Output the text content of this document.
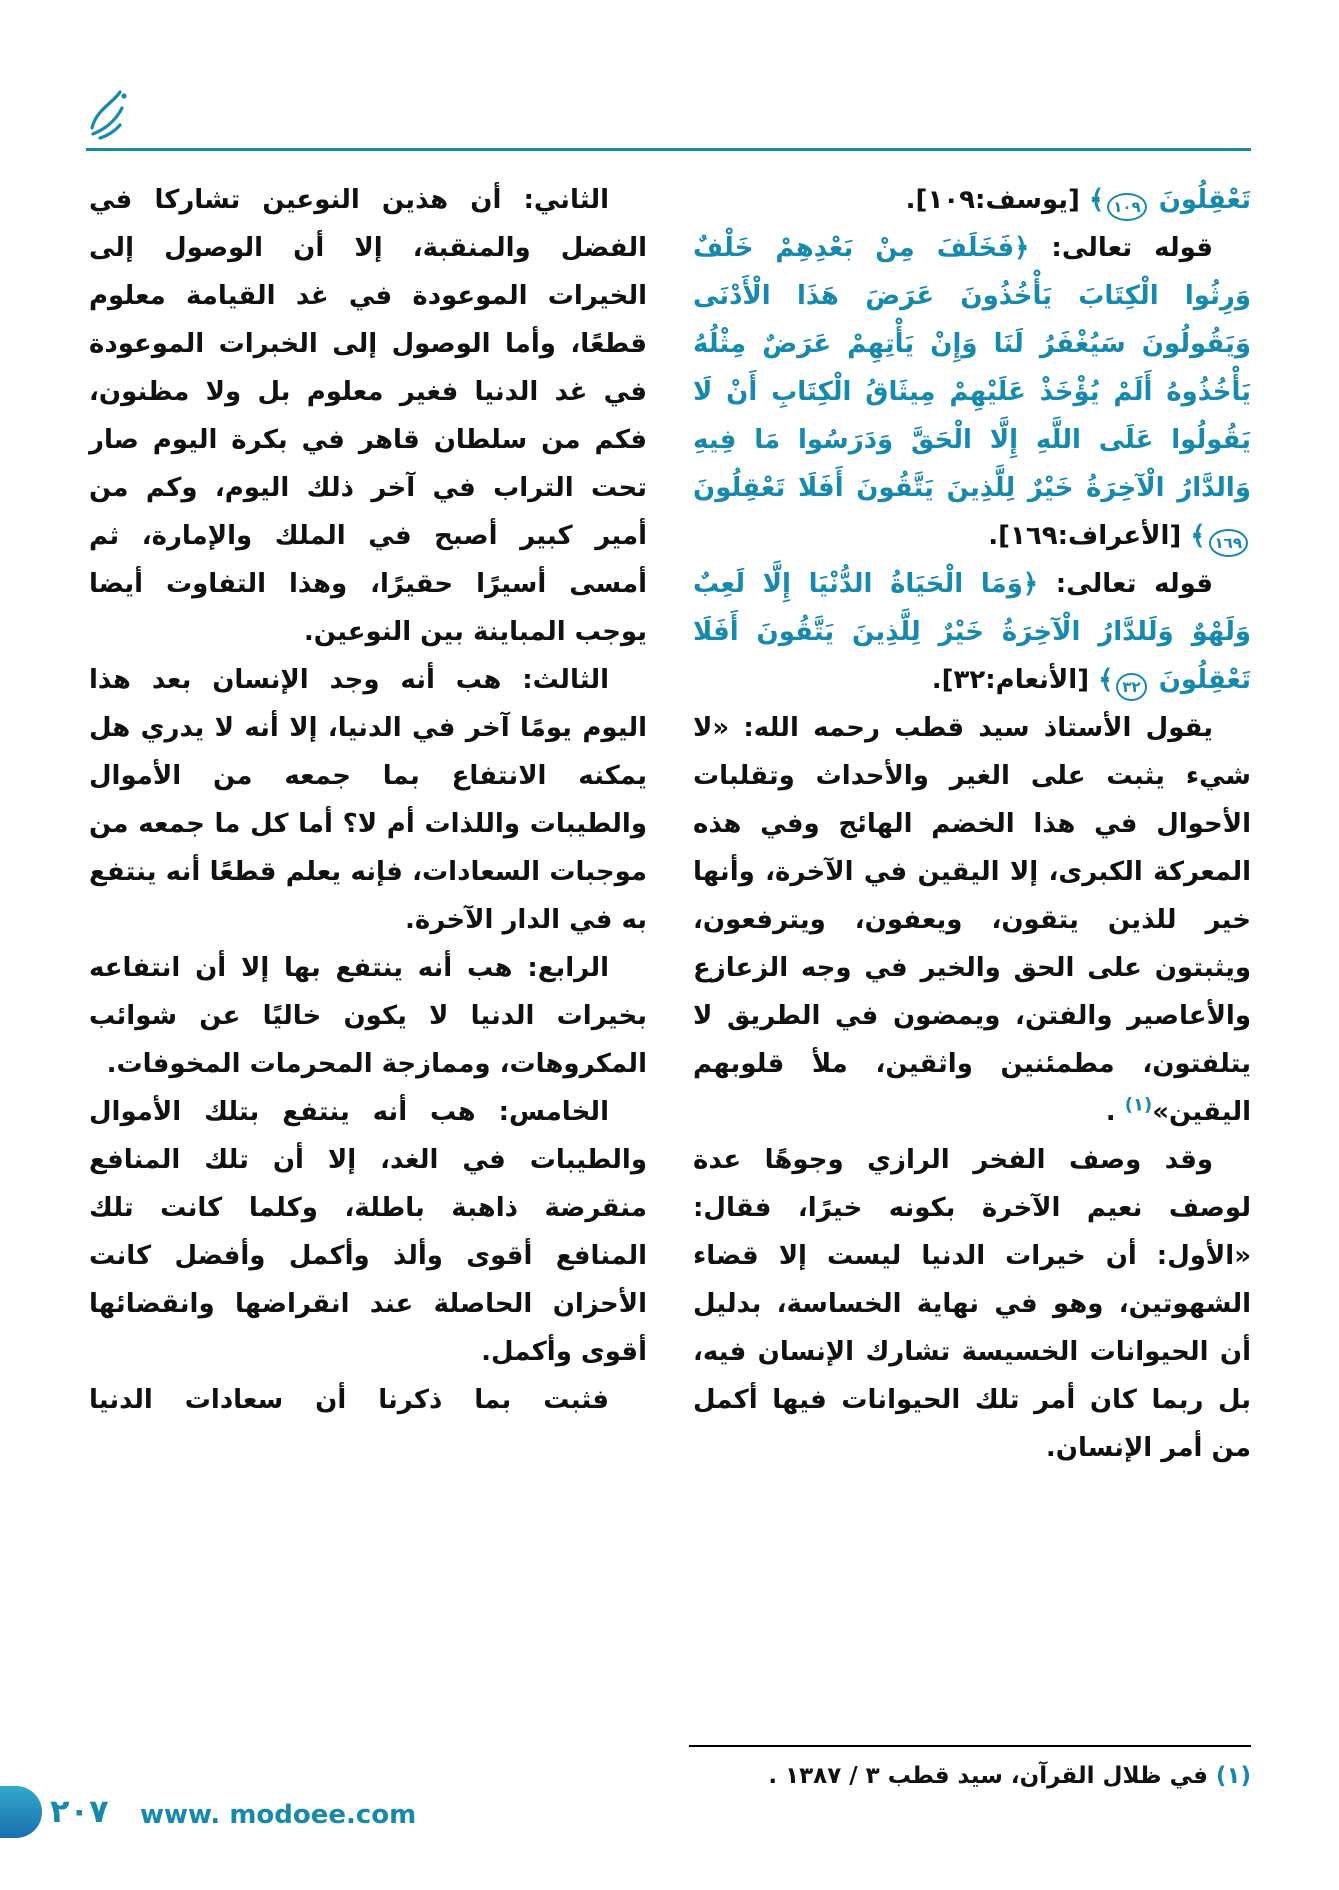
تَعْقِلُونَ ١٠٩﴾ [يوسف:١٠٩].

قوله تعالى: ﴿فَخَلَفَ مِنْ بَعْدِهِمْ خَلْفٌ وَرِثُوا الْكِتَابَ يَأْخُذُونَ عَرَضَ هَذَا الْأَدْنَى وَيَقُولُونَ سَيُغْفَرُ لَنَا وَإِنْ يَأْتِهِمْ عَرَضٌ مِثْلُهُ يَأْخُذُوهُ أَلَمْ يُؤْخَذْ عَلَيْهِمْ مِيثَاقُ الْكِتَابِ أَنْ لَا يَقُولُوا عَلَى اللَّهِ إِلَّا الْحَقَّ وَدَرَسُوا مَا فِيهِ وَالدَّارُ الْآخِرَةُ خَيْرٌ لِلَّذِينَ يَتَّقُونَ أَفَلَا تَعْقِلُونَ ١٦٩﴾ [الأعراف:١٦٩].

قوله تعالى: ﴿وَمَا الْحَيَاةُ الدُّنْيَا إِلَّا لَعِبٌ وَلَهْوٌ وَلَلدَّارُ الْآخِرَةُ خَيْرٌ لِلَّذِينَ يَتَّقُونَ أَفَلَا تَعْقِلُونَ ٣٢﴾ [الأنعام:٣٢].

يقول الأستاذ سيد قطب رحمه الله: «لا شيء يثبت على الغير والأحداث وتقلبات الأحوال في هذا الخضم الهائج وفي هذه المعركة الكبرى، إلا اليقين في الآخرة، وأنها خير للذين يتقون، ويعفون، ويترفعون، ويثبتون على الحق والخير في وجه الزعازع والأعاصير والفتن، ويمضون في الطريق لا يتلفتون، مطمئنين واثقين، ملأ قلوبهم اليقين»$^{(١)}$ .

وقد وصف الفخر الرازي وجوهًا عدة لوصف نعيم الآخرة بكونه خيرًا، فقال: «الأول: أن خيرات الدنيا ليست إلا قضاء الشهوتين، وهو في نهاية الخساسة، بدليل أن الحيوانات الخسيسة تشارك الإنسان فيه، بل ربما كان أمر تلك الحيوانات فيها أكمل من أمر الإنسان.

الثاني: أن هذين النوعين تشاركا في الفضل والمنقبة، إلا أن الوصول إلى الخيرات الموعودة في غد القيامة معلوم قطعًا، وأما الوصول إلى الخبرات الموعودة في غد الدنيا فغير معلوم بل ولا مظنون، فكم من سلطان قاهر في بكرة اليوم صار تحت التراب في آخر ذلك اليوم، وكم من أمير كبير أصبح في الملك والإمارة، ثم أمسى أسيرًا حقيرًا، وهذا التفاوت أيضا يوجب المباينة بين النوعين.

الثالث: هب أنه وجد الإنسان بعد هذا اليوم يومًا آخر في الدنيا، إلا أنه لا يدري هل يمكنه الانتفاع بما جمعه من الأموال والطيبات واللذات أم لا؟ أما كل ما جمعه من موجبات السعادات، فإنه يعلم قطعًا أنه ينتفع به في الدار الآخرة.

الرابع: هب أنه ينتفع بها إلا أن انتفاعه بخيرات الدنيا لا يكون خاليًا عن شوائب المكروهات، وممازجة المحرمات المخوفات.

الخامس: هب أنه ينتفع بتلك الأموال والطيبات في الغد، إلا أن تلك المنافع منقرضة ذاهبة باطلة، وكلما كانت تلك المنافع أقوى وألذ وأكمل وأفضل كانت الأحزان الحاصلة عند انقراضها وانقضائها أقوى وأكمل.

فثبت بما ذكرنا أن سعادات الدنيا

(١) في ظلال القرآن، سيد قطب ٣ / ١٣٨٧ .

٢٠٧ www. modoee.com
